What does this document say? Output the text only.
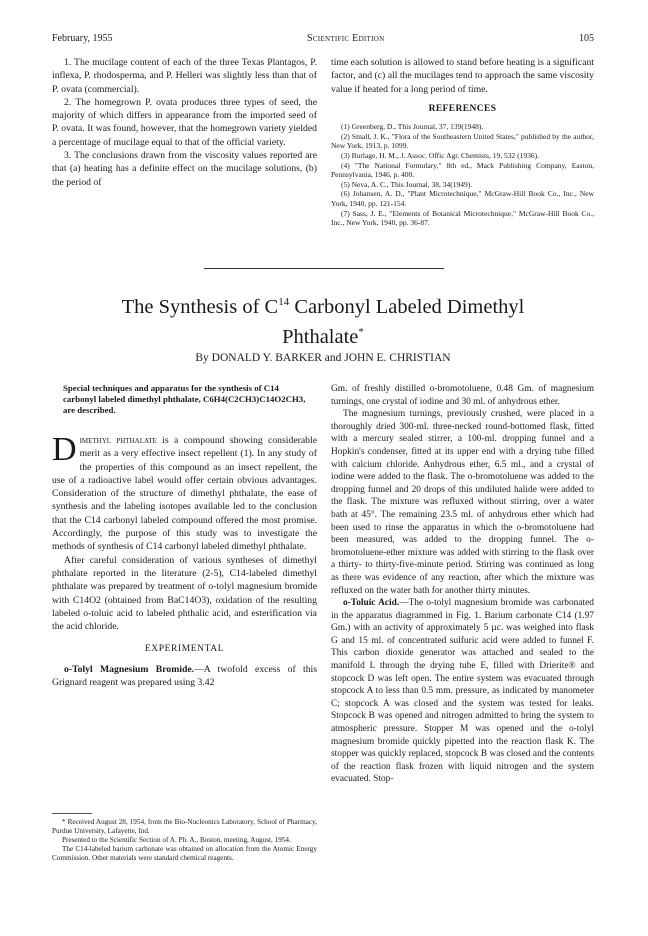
February, 1955	Scientific Edition	105

1. The mucilage content of each of the three Texas Plantagos, P. inflexa, P. rhodosperma, and P. Helleri was slightly less than that of P. ovata (commercial).

2. The homegrown P. ovata produces three types of seed, the majority of which differs in appearance from the imported seed of P. ovata. It was found, however, that the homegrown variety yielded a percentage of mucilage equal to that of the official variety.

3. The conclusions drawn from the viscosity values reported are that (a) heating has a definite effect on the mucilage solutions, (b) the period of

time each solution is allowed to stand before heating is a significant factor, and (c) all the mucilages tend to approach the same viscosity value if heated for a long period of time.

REFERENCES

(1) Greenberg, D., This Journal, 37, 139(1948).

(2) Small, J. K., "Flora of the Southeastern United States," published by the author, New York, 1913, p. 1099.

(3) Burlage, H. M., J. Assoc. Offic Agr. Chemists, 19, 532 (1936).

(4) "The National Formulary," 8th ed., Mack Publishing Company, Easton, Pennsylvania, 1946, p. 400.

(5) Neva, A. C., This Journal, 38, 34(1949).

(6) Johansen, A. D., "Plant Microtechnique," McGraw-Hill Book Co., Inc., New York, 1940, pp. 121-154.

(7) Sass, J. E., "Elements of Botanical Microtechnique," McGraw-Hill Book Co., Inc., New York, 1940, pp. 36-87.

The Synthesis of $C^{14}$ Carbonyl Labeled Dimethyl
Phthalate*
By DONALD Y. BARKER and JOHN E. CHRISTIAN
Special techniques and apparatus for the synthesis of C14 carbonyl labeled dimethyl phthalate, C6H4(C2CH3)C14O2CH3, are described.

Dimethyl phthalate is a compound showing considerable merit as a very effective insect repellent (1). In any study of the properties of this compound as an insect repellent, the use of a radioactive label would offer certain obvious advantages. Consideration of the structure of dimethyl phthalate, the ease of synthesis and the labeling isotopes available led to the conclusion that the C14 carbonyl labeled compound offered the most promise. Accordingly, the purpose of this study was to investigate the methods of synthesis of C14 carbonyl labeled dimethyl phthalate.

After careful consideration of various syntheses of dimethyl phthalate reported in the literature (2-5), C14-labeled dimethyl phthalate was prepared by treatment of o-tolyl magnesium bromide with C14O2 (obtained from BaC14O3), oxidation of the resulting labeled o-toluic acid to labeled phthalic acid, and esterification via the acid chloride.

EXPERIMENTAL

o-Tolyl Magnesium Bromide.—A twofold excess of this Grignard reagent was prepared using 3.42

Gm. of freshly distilled o-bromotoluene, 0.48 Gm. of magnesium turnings, one crystal of iodine and 30 ml. of anhydrous ether.

The magnesium turnings, previously crushed, were placed in a thoroughly dried 300-ml. three-necked round-bottomed flask, fitted with a mercury sealed stirrer, a 100-ml. dropping funnel and a Hopkin's condenser, fitted at its upper end with a drying tube filled with calcium chloride. Anhydrous ether, 6.5 ml., and a crystal of iodine were added to the flask. The o-bromotoluene was added to the dropping funnel and 20 drops of this undiluted halide were added to the flask. The mixture was refluxed without stirring, over a water bath at 45°. The remaining 23.5 ml. of anhydrous ether which had been used to rinse the apparatus in which the o-bromotoluene had been measured, was added to the dropping funnel. The o-bromotoluene-ether mixture was added with stirring to the flask over a thirty- to thirty-five-minute period. Stirring was continued as long as there was evidence of any reaction, after which the mixture was refluxed on the water bath for another thirty minutes.

o-Toluic Acid.—The o-tolyl magnesium bromide was carbonated in the apparatus diagrammed in Fig. 1. Barium carbonate C14 (1.97 Gm.) with an activity of approximately 5 µc. was weighed into flask G and 15 ml. of concentrated sulfuric acid were added to funnel F. This carbon dioxide generator was attached and sealed to the manifold L through the drying tube E, filled with Drierite® and stopcock D was left open. The entire system was evacuated through stopcock A to less than 0.5 mm. pressure, as indicated by manometer C; stopcock A was closed and the system was tested for leaks. Stopcock B was opened and nitrogen admitted to bring the system to atmospheric pressure. Stopper M was opened and the o-tolyl magnesium bromide quickly pipetted into the reaction flask K. The stopper was quickly replaced, stopcock B was closed and the contents of the reaction flask frozen with liquid nitrogen and the system evacuated. Stop-

* Received August 28, 1954, from the Bio-Nucleonics Laboratory, School of Pharmacy, Purdue University, Lafayette, Ind.

Presented to the Scientific Section of A. Ph. A., Boston, meeting, August, 1954.

The C14-labeled barium carbonate was obtained on allocation from the Atomic Energy Commission. Other materials were standard chemical reagents.
